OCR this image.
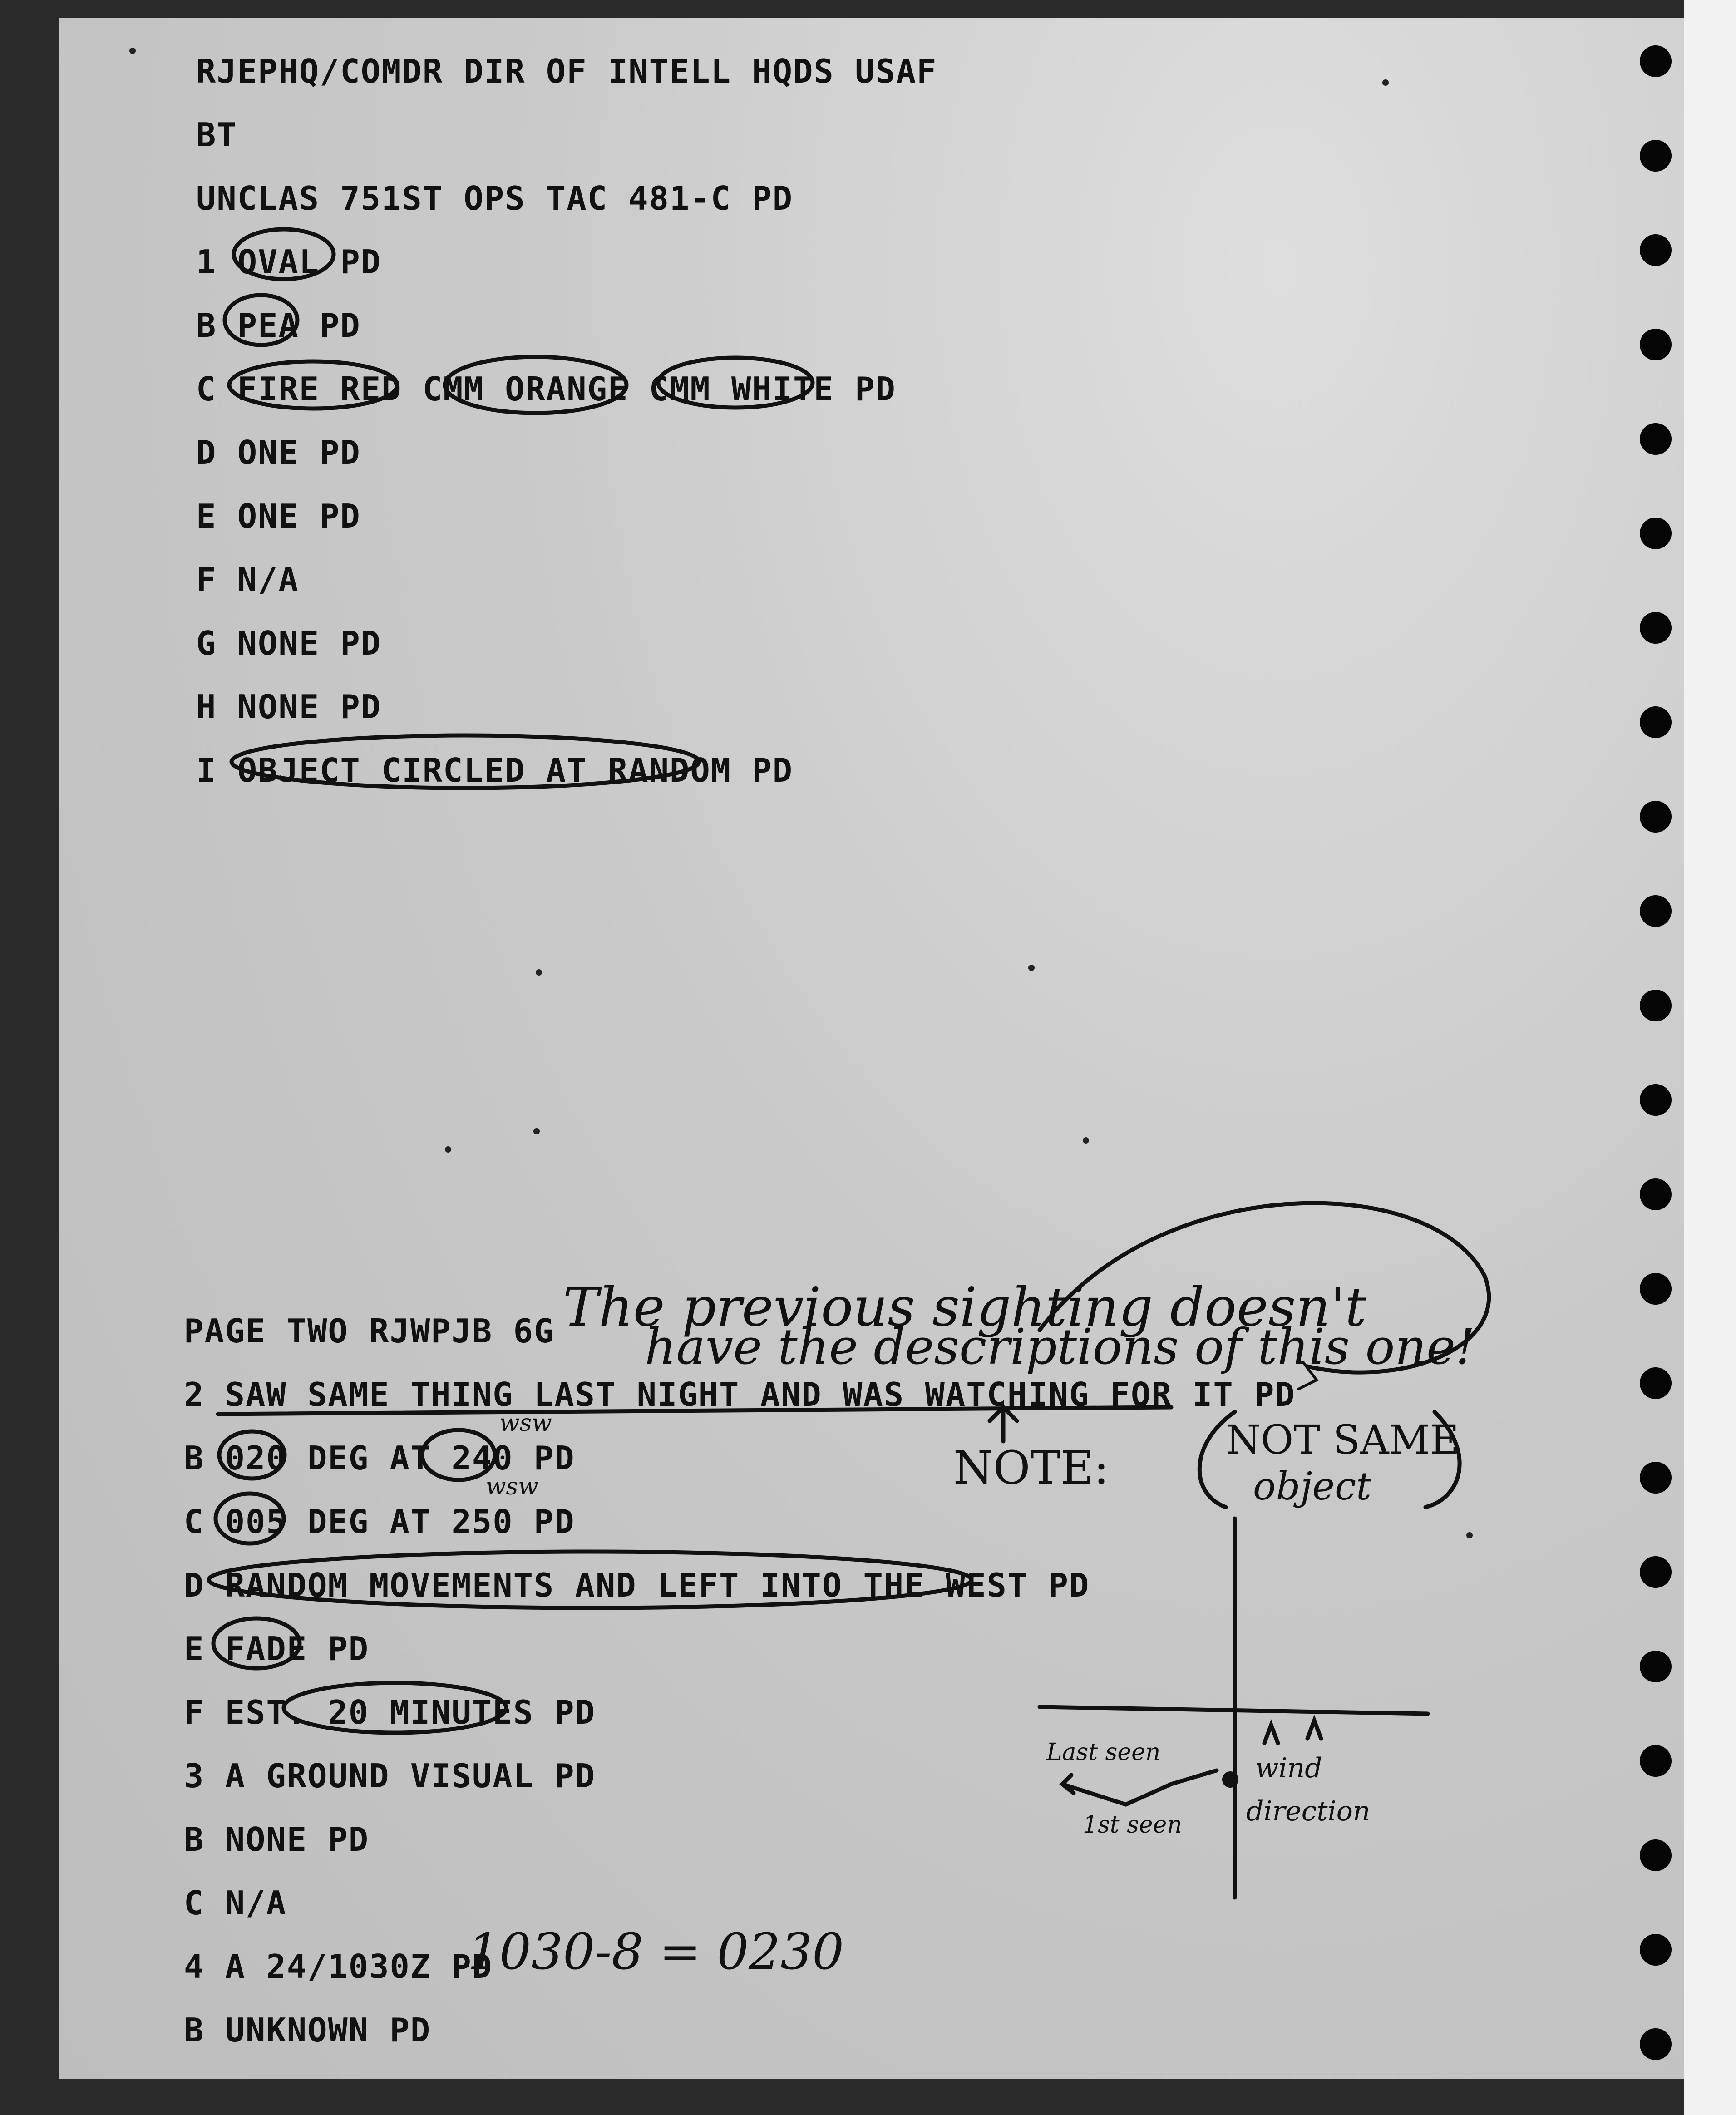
RJEPHQ/COMDR DIR OF INTELL HQDS USAF
BT
UNCLAS 751ST OPS TAC 481-C PD
1 OVAL PD
B PEA PD
C FIRE RED CMM ORANGE CMM WHITE PD
D ONE PD
E ONE PD
F N/A
G NONE PD
H NONE PD
I OBJECT CIRCLED AT RANDOM PD
PAGE TWO RJWPJB 6G
2 SAW SAME THING LAST NIGHT AND WAS WATCHING FOR IT PD
B 020 DEG AT 240 PD
C 005 DEG AT 250 PD
D RANDOM MOVEMENTS AND LEFT INTO THE WEST PD
E FADE PD
F EST. 20 MINUTES PD
3 A GROUND VISUAL PD
B NONE PD
C N/A
4 A 24/1030Z PD
B UNKNOWN PD
The previous sighting doesn't
have the descriptions of this one!
NOT SAME
object
NOTE:
wsw
wsw
1030-8 = 0230
Last seen
1st seen
wind
direction
